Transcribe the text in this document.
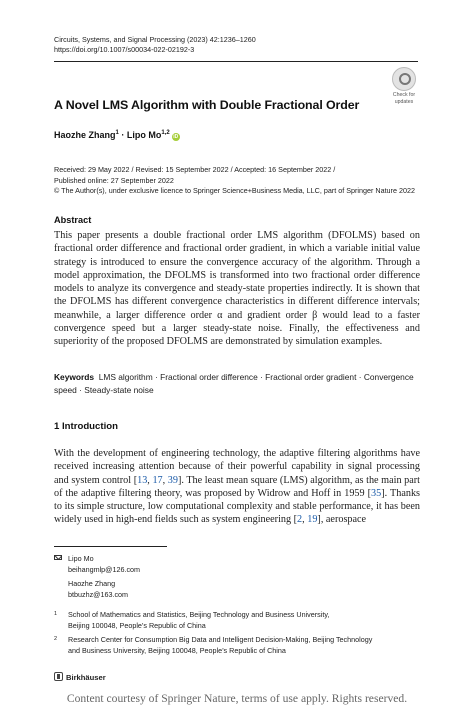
Circuits, Systems, and Signal Processing (2023) 42:1236–1260
https://doi.org/10.1007/s00034-022-02192-3
Check for
updates
A Novel LMS Algorithm with Double Fractional Order
Haozhe Zhang$^1$ · Lipo Mo$^{1,2}$iD
Received: 29 May 2022 / Revised: 15 September 2022 / Accepted: 16 September 2022 /
Published online: 27 September 2022
© The Author(s), under exclusive licence to Springer Science+Business Media, LLC, part of Springer Nature 2022
Abstract
This paper presents a double fractional order LMS algorithm (DFOLMS) based on fractional order difference and fractional order gradient, in which a variable initial value strategy is introduced to ensure the convergence accuracy of the algorithm. Through a model approximation, the DFOLMS is transformed into two fractional order difference models to analyze its convergence and steady-state properties indirectly. It is shown that the DFOLMS has different convergence characteristics in different difference intervals; meanwhile, a larger difference order α and gradient order β would lead to a faster convergence speed but a larger steady-state noise. Finally, the effectiveness and superiority of the proposed DFOLMS are demonstrated by simulation examples.
Keywords LMS algorithm · Fractional order difference · Fractional order gradient · Convergence speed · Steady-state noise
1 Introduction
With the development of engineering technology, the adaptive filtering algorithms have received increasing attention because of their powerful capability in signal processing and system control [13, 17, 39]. The least mean square (LMS) algorithm, as the main part of the adaptive filtering theory, was proposed by Widrow and Hoff in 1959 [35]. Thanks to its simple structure, low computational complexity and stable performance, it has been widely used in high-end fields such as system engineering [2, 19], aerospace
Lipo Mo
beihangmlp@126.com
Haozhe Zhang
btbuzhz@163.com
1 School of Mathematics and Statistics, Beijing Technology and Business University,
Beijing 100048, People’s Republic of China
2 Research Center for Consumption Big Data and Intelligent Decision-Making, Beijing Technology
and Business University, Beijing 100048, People’s Republic of China
Birkhäuser
Content courtesy of Springer Nature, terms of use apply. Rights reserved.
